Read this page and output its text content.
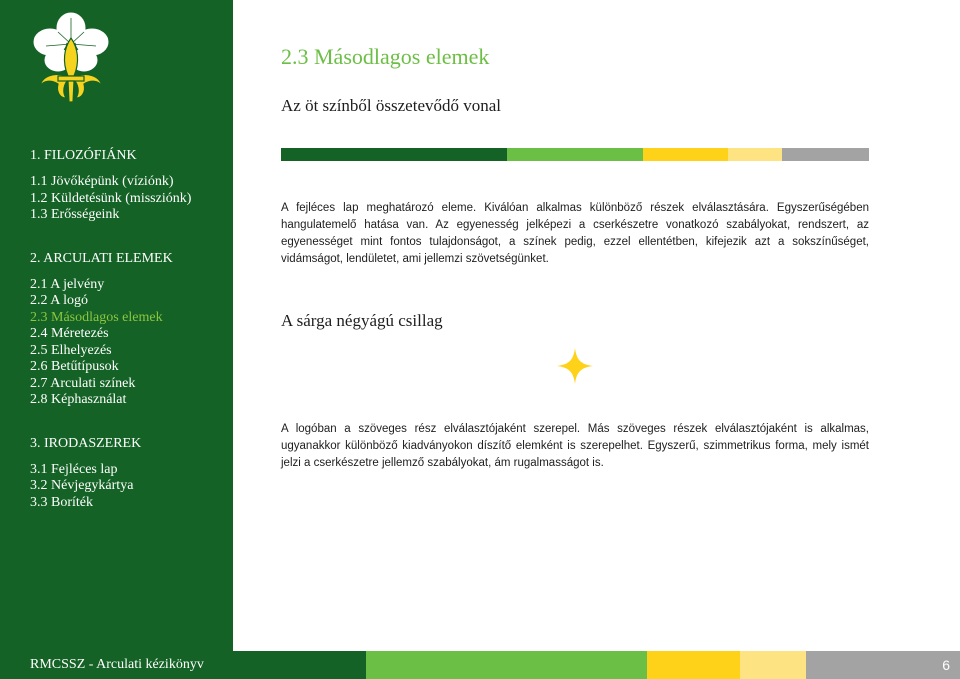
1. FILOZÓFIÁNK
1.1 Jövőképünk (víziónk)
1.2 Küldetésünk (missziónk)
1.3 Erősségeink
2. ARCULATI ELEMEK
2.1 A jelvény
2.2 A logó
2.3 Másodlagos elemek
2.4 Méretezés
2.5 Elhelyezés
2.6 Betűtípusok
2.7 Arculati színek
2.8 Képhasználat
3. IRODASZEREK
3.1 Fejléces lap
3.2 Névjegykártya
3.3 Boríték
2.3 Másodlagos elemek
Az öt színből összetevődő vonal
A fejléces lap meghatározó eleme. Kiválóan alkalmas különböző részek elválasztására. Egyszerűségében hangulatemelő hatása van. Az egyenesség jelképezi a cserkészetre vonatkozó szabályokat, rendszert, az egyenességet mint fontos tulajdonságot, a színek pedig, ezzel ellentétben, kifejezik azt a sokszínűséget, vidámságot, lendületet, ami jellemzi szövetségünket.
A sárga négyágú csillag
A logóban a szöveges rész elválasztójaként szerepel. Más szöveges részek elválasztójaként is alkalmas, ugyanakkor különböző kiadványokon díszítő elemként is szerepelhet. Egyszerű, szimmetrikus forma, mely ismét jelzi a cserkészetre jellemző szabályokat, ám rugalmasságot is.
RMCSSZ - Arculati kézikönyv	6
